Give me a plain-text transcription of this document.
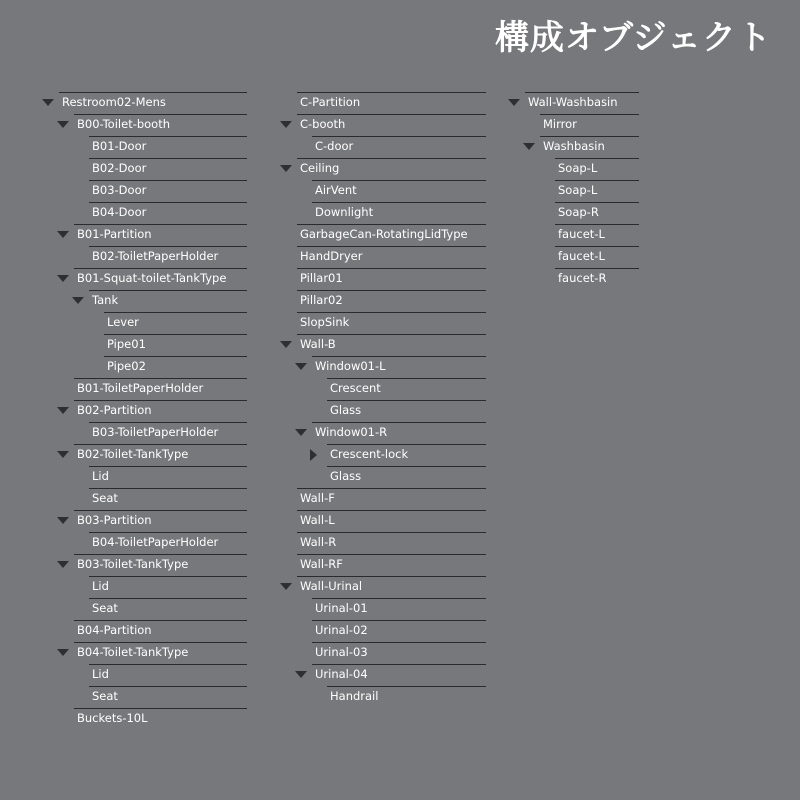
構成オブジェクト
Restroom02-Mens
B00-Toilet-booth
B01-Door
B02-Door
B03-Door
B04-Door
B01-Partition
B02-ToiletPaperHolder
B01-Squat-toilet-TankType
Tank
Lever
Pipe01
Pipe02
B01-ToiletPaperHolder
B02-Partition
B03-ToiletPaperHolder
B02-Toilet-TankType
Lid
Seat
B03-Partition
B04-ToiletPaperHolder
B03-Toilet-TankType
Lid
Seat
B04-Partition
B04-Toilet-TankType
Lid
Seat
Buckets-10L
C-Partition
C-booth
C-door
Ceiling
AirVent
Downlight
GarbageCan-RotatingLidType
HandDryer
Pillar01
Pillar02
SlopSink
Wall-B
Window01-L
Crescent
Glass
Window01-R
Crescent-lock
Glass
Wall-F
Wall-L
Wall-R
Wall-RF
Wall-Urinal
Urinal-01
Urinal-02
Urinal-03
Urinal-04
Handrail
Wall-Washbasin
Mirror
Washbasin
Soap-L
Soap-L
Soap-R
faucet-L
faucet-L
faucet-R
